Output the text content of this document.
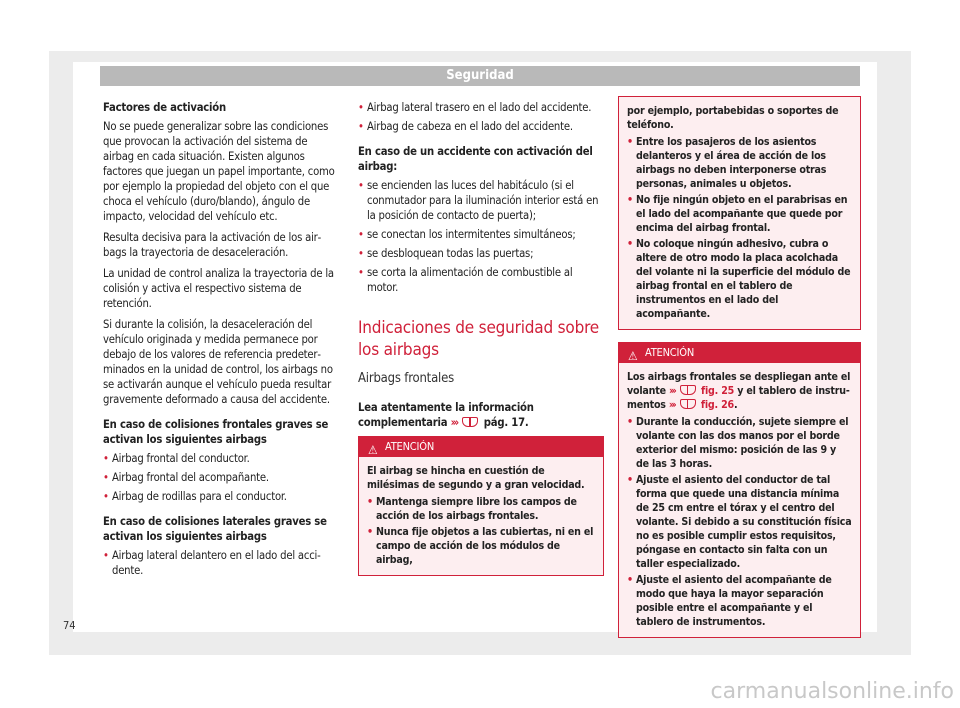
Seguridad

Factores de activación

No se puede generalizar sobre las condiciones que provocan la activación del sistema de airbag en cada situación. Existen algunos factores que juegan un papel importante, como por ejemplo la propiedad del objeto con el que choca el vehículo (duro/blando), ángulo de impacto, velocidad del vehículo etc.

Resulta decisiva para la activación de los airbags la trayectoria de desaceleración.

La unidad de control analiza la trayectoria de la colisión y activa el respectivo sistema de retención.

Si durante la colisión, la desaceleración del vehículo originada y medida permanece por debajo de los valores de referencia predeterminados en la unidad de control, los airbags no se activarán aunque el vehículo pueda resultar gravemente deformado a causa del accidente.

En caso de colisiones frontales graves se activan los siguientes airbags

• Airbag frontal del conductor.
• Airbag frontal del acompañante.
• Airbag de rodillas para el conductor.

En caso de colisiones laterales graves se activan los siguientes airbags

• Airbag lateral delantero en el lado del accidente.
• Airbag lateral trasero en el lado del accidente.
• Airbag de cabeza en el lado del accidente.

En caso de un accidente con activación del airbag:

• se encienden las luces del habitáculo (si el conmutador para la iluminación interior está en la posición de contacto de puerta);
• se conectan los intermitentes simultáneos;
• se desbloquean todas las puertas;
• se corta la alimentación de combustible al motor.
Indicaciones de seguridad sobre los airbags
Airbags frontales

Lea atentamente la información complementaria ››› pág. 17.

⚠ ATENCIÓN

El airbag se hincha en cuestión de milésimas de segundo y a gran velocidad.

• Mantenga siempre libre los campos de acción de los airbags frontales.
• Nunca fije objetos a las cubiertas, ni en el campo de acción de los módulos de airbag,

por ejemplo, portabebidas o soportes de teléfono.

• Entre los pasajeros de los asientos delanteros y el área de acción de los airbags no deben interponerse otras personas, animales u objetos.
• No fije ningún objeto en el parabrisas en el lado del acompañante que quede por encima del airbag frontal.
• No coloque ningún adhesivo, cubra o altere de otro modo la placa acolchada del volante ni la superficie del módulo de airbag frontal en el tablero de instrumentos en el lado del acompañante.
⚠ ATENCIÓN

Los airbags frontales se despliegan ante el volante ››› fig. 25 y el tablero de instrumentos ››› fig. 26.

• Durante la conducción, sujete siempre el volante con las dos manos por el borde exterior del mismo: posición de las 9 y de las 3 horas.
• Ajuste el asiento del conductor de tal forma que quede una distancia mínima de 25 cm entre el tórax y el centro del volante. Si debido a su constitución física no es posible cumplir estos requisitos, póngase en contacto sin falta con un taller especializado.
• Ajuste el asiento del acompañante de modo que haya la mayor separación posible entre el acompañante y el tablero de instrumentos.
74
carmanualsonline.info
